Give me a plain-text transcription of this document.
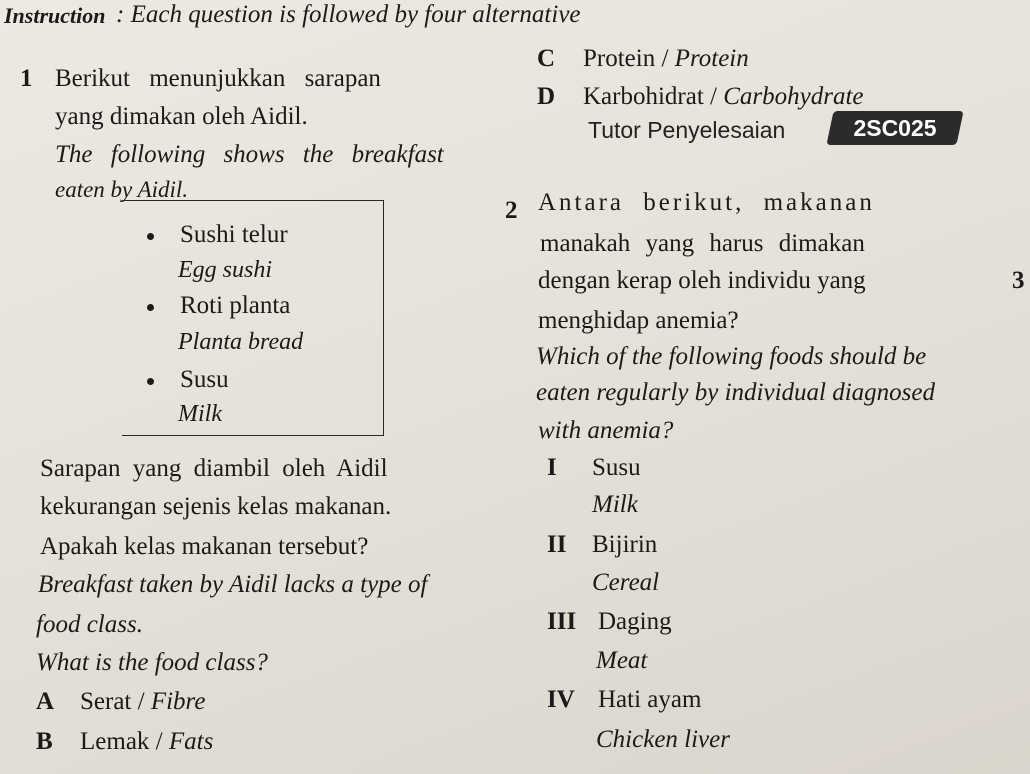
Instruction : Each question is followed by four alternative
1 Berikut menunjukkan sarapan
yang dimakan oleh Aidil.
The following shows the breakfast
eaten by Aidil.
Sushi telur
Egg sushi
Roti planta
Planta bread
Susu
Milk
Sarapan yang diambil oleh Aidil
kekurangan sejenis kelas makanan.
Apakah kelas makanan tersebut?
Breakfast taken by Aidil lacks a type of
food class.
What is the food class?
A Serat / Fibre
B Lemak / Fats
C Protein / Protein
D Karbohidrat / Carbohydrate
Tutor Penyelesaian	2SC025
2 Antara berikut, makanan
manakah yang harus dimakan
dengan kerap oleh individu yang	3
menghidap anemia?
Which of the following foods should be
eaten regularly by individual diagnosed
with anemia?
I Susu
Milk
II Bijirin
Cereal
III Daging
Meat
IV Hati ayam
Chicken liver
